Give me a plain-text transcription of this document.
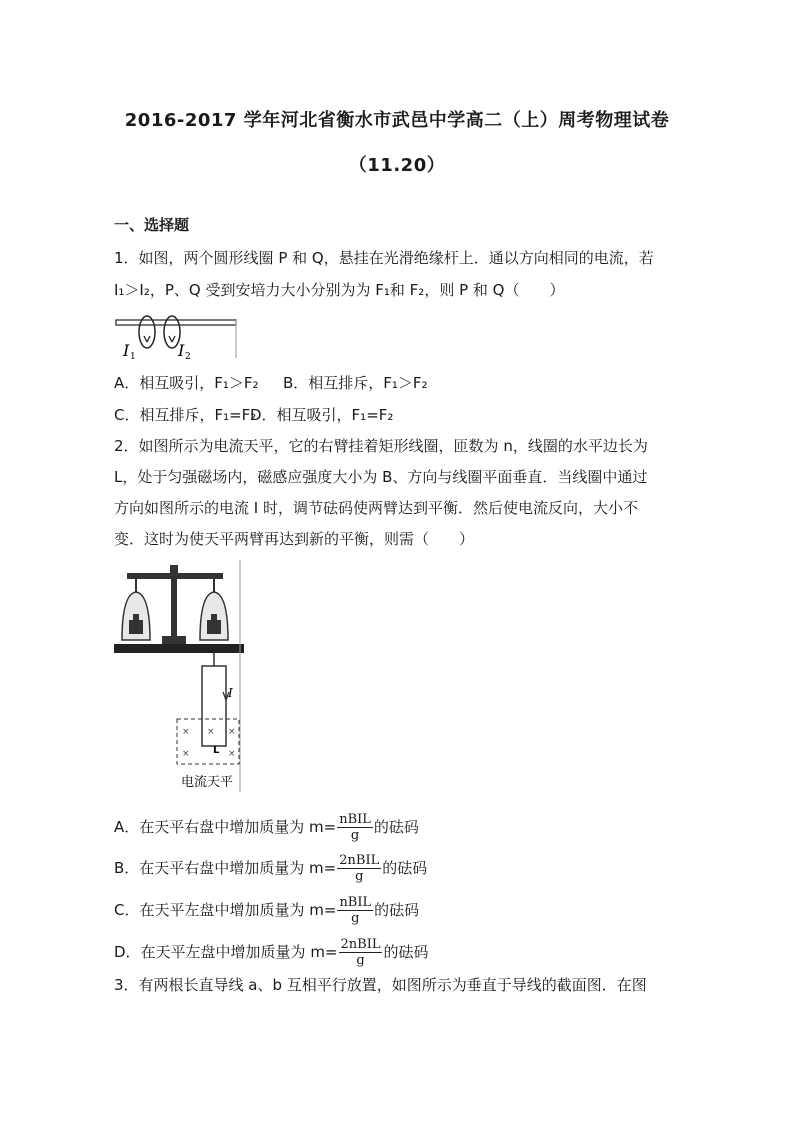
2016-2017 学年河北省衡水市武邑中学高二（上）周考物理试卷
（11.20）
一、选择题
1．如图，两个圆形线圈 P 和 Q，悬挂在光滑绝缘杆上．通以方向相同的电流，若
I₁＞I₂，P、Q 受到安培力大小分别为为 F₁和 F₂，则 P 和 Q（　　）
I 1	I 2
A．相互吸引，F₁＞F₂ B．相互排斥，F₁＞F₂
C．相互排斥，F₁=F₂
D．相互吸引，F₁=F₂
2．如图所示为电流天平，它的右臂挂着矩形线圈，匝数为 n，线圈的水平边长为
L，处于匀强磁场内，磁感应强度大小为 B、方向与线圈平面垂直．当线圈中通过
方向如图所示的电流 I 时，调节砝码使两臂达到平衡．然后使电流反向，大小不
变．这时为使天平两臂再达到新的平衡，则需（　　）
I
× × ×
×	×
L
电流天平
A．在天平右盘中增加质量为 $m= \frac{\text{nBIL}}{g}$ 的砝码
B．在天平右盘中增加质量为 $m= \frac{\text{2nBIL}}{g}$ 的砝码
C．在天平左盘中增加质量为 $m= \frac{\text{nBIL}}{g}$ 的砝码
D．在天平左盘中增加质量为 $m= \frac{\text{2nBIL}}{g}$ 的砝码
3．有两根长直导线 a、b 互相平行放置，如图所示为垂直于导线的截面图．在图
